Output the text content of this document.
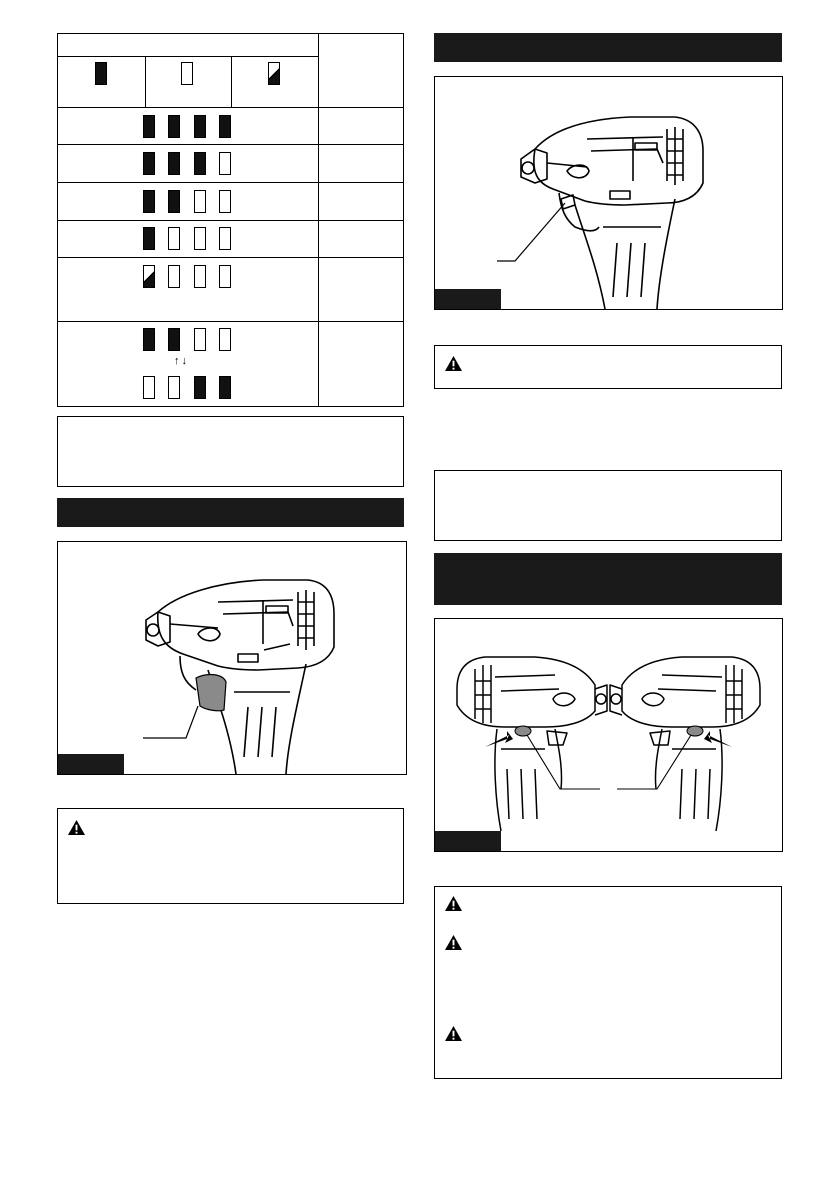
↑↓
